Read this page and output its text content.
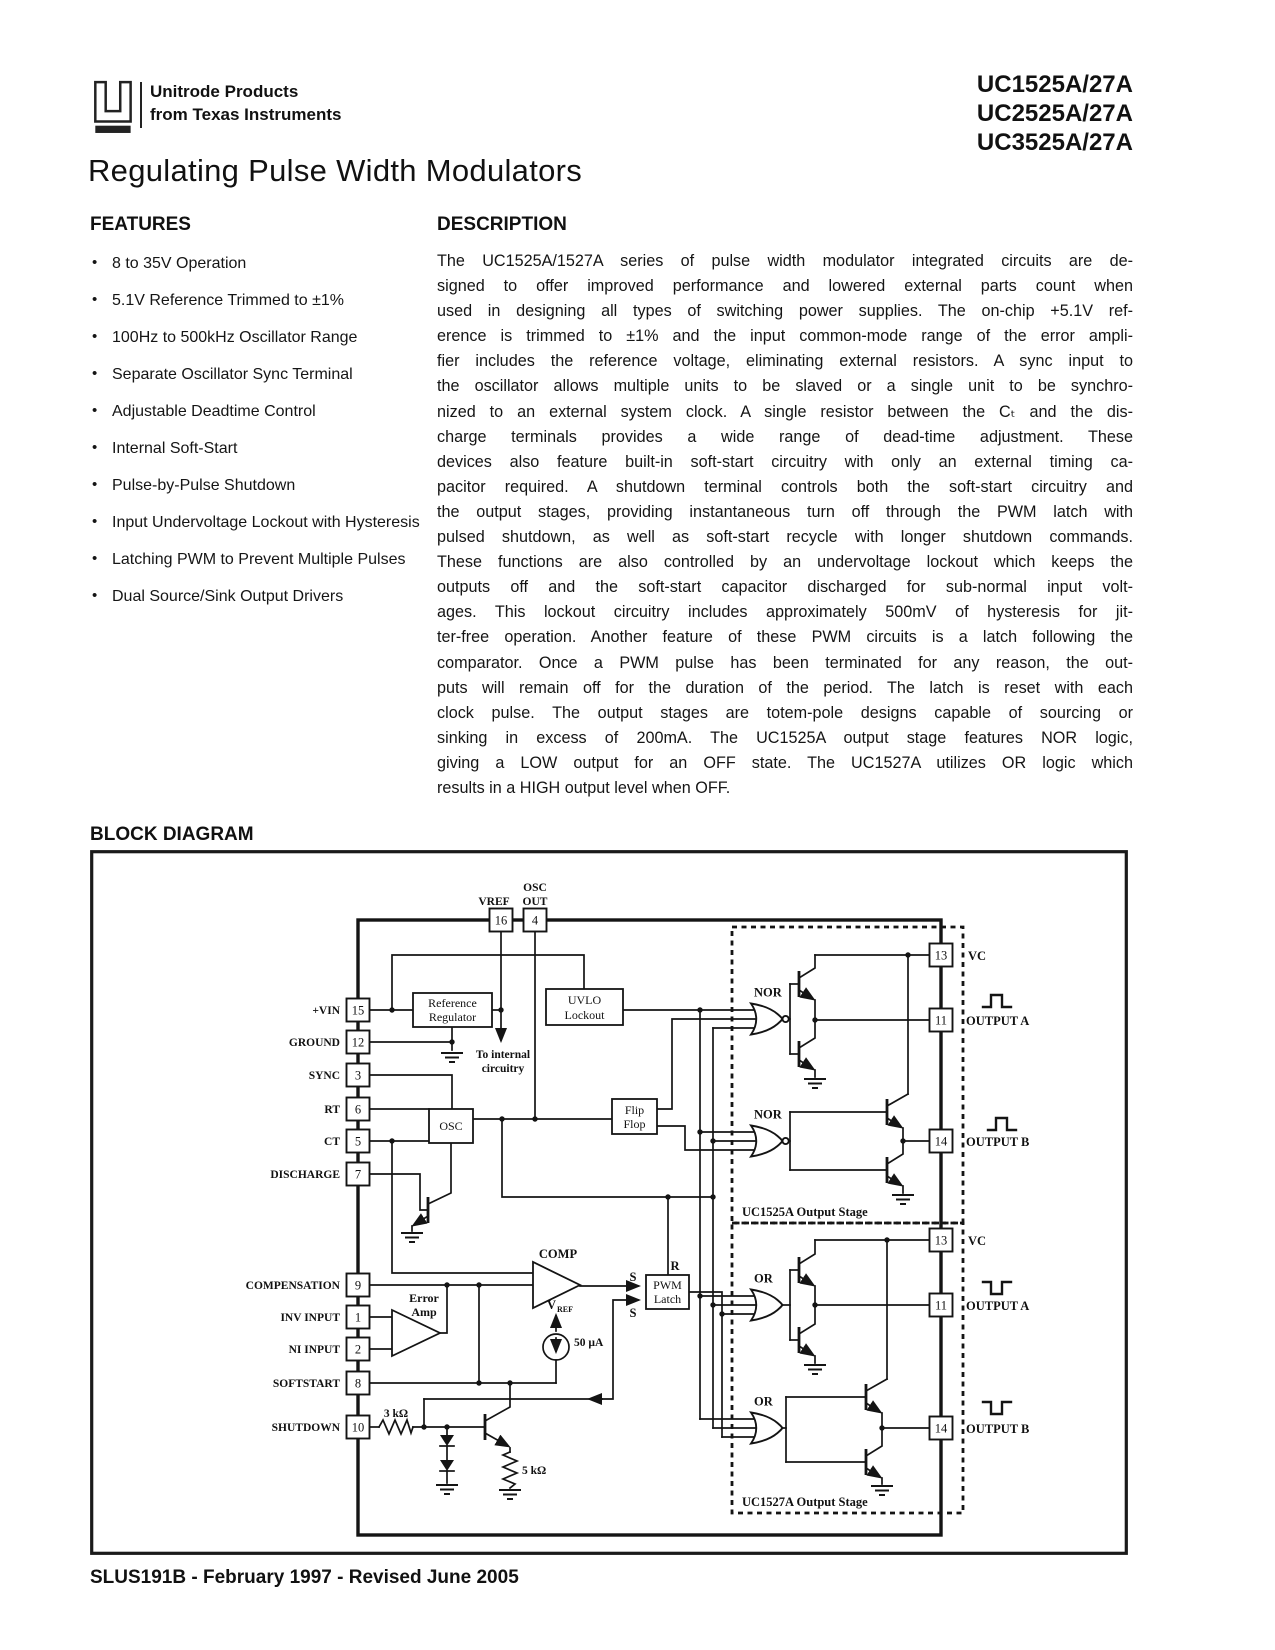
Unitrode Products
from Texas Instruments
UC1525A/27A
UC2525A/27A
UC3525A/27A
Regulating Pulse Width Modulators
FEATURES
• 8 to 35V Operation
• 5.1V Reference Trimmed to ±1%
• 100Hz to 500kHz Oscillator Range
• Separate Oscillator Sync Terminal
• Adjustable Deadtime Control
• Internal Soft-Start
• Pulse-by-Pulse Shutdown
• Input Undervoltage Lockout with Hysteresis
• Latching PWM to Prevent Multiple Pulses
• Dual Source/Sink Output Drivers
DESCRIPTION
The UC1525A/1527A series of pulse width modulator integrated circuits are de-
signed to offer improved performance and lowered external parts count when
used in designing all types of switching power supplies. The on-chip +5.1V ref-
erence is trimmed to ±1% and the input common-mode range of the error ampli-
fier includes the reference voltage, eliminating external resistors. A sync input to
the oscillator allows multiple units to be slaved or a single unit to be synchro-
nized to an external system clock. A single resistor between the Cₜ and the dis-
charge terminals provides a wide range of dead-time adjustment. These
devices also feature built-in soft-start circuitry with only an external timing ca-
pacitor required. A shutdown terminal controls both the soft-start circuitry and
the output stages, providing instantaneous turn off through the PWM latch with
pulsed shutdown, as well as soft-start recycle with longer shutdown commands.
These functions are also controlled by an undervoltage lockout which keeps the
outputs off and the soft-start capacitor discharged for sub-normal input volt-
ages. This lockout circuitry includes approximately 500mV of hysteresis for jit-
ter-free operation. Another feature of these PWM circuits is a latch following the
comparator. Once a PWM pulse has been terminated for any reason, the out-
puts will remain off for the duration of the period. The latch is reset with each
clock pulse. The output stages are totem-pole designs capable of sourcing or
sinking in excess of 200mA. The UC1525A output stage features NOR logic,
giving a LOW output for an OFF state. The UC1527A utilizes OR logic which
results in a HIGH output level when OFF.
BLOCK DIAGRAM
Reference
Regulator
UVLO
Lockout
OSC
Flip
Flop
PWM
Latch
R
S
S
Error
Amp
COMP
V REF
50 µA
3 kΩ
5 kΩ
To internal
circuitry
NOR
NOR
OR
OR
15
+VIN
12
GROUND
3
SYNC
6
RT
5
CT
7
DISCHARGE
9
COMPENSATION
1
INV INPUT
2
NI INPUT
8
SOFTSTART
10
SHUTDOWN
16
VREF
4
OSC
OUT
13 VC
11 OUTPUT A
14 OUTPUT B
13 VC
11 OUTPUT A
14 OUTPUT B
UC1525A Output Stage
UC1527A Output Stage
SLUS191B - February 1997 - Revised June 2005
